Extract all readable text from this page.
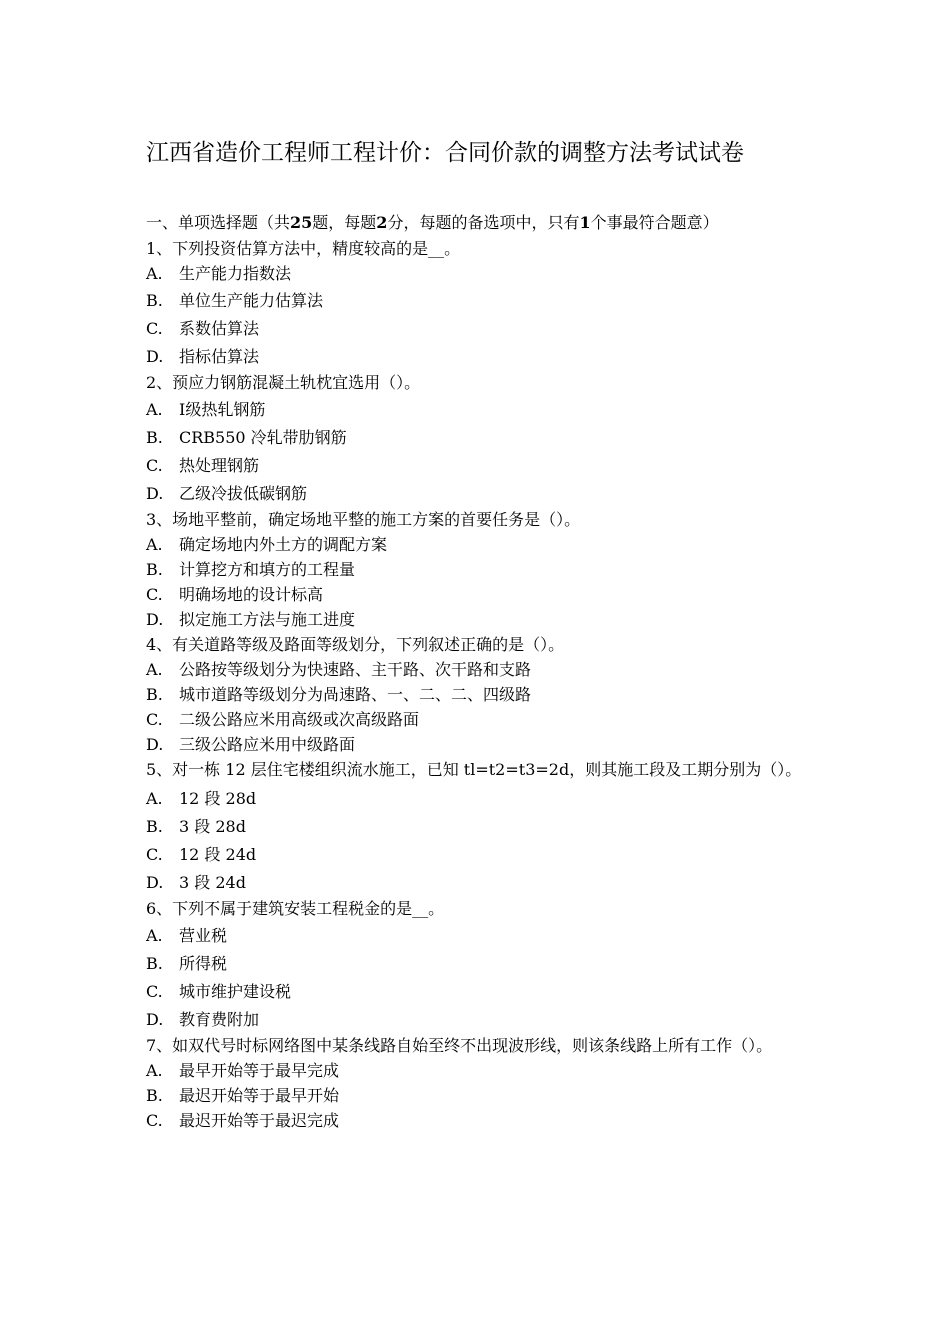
江西省造价工程师工程计价：合同价款的调整方法考试试卷
一、单项选择题（共25题，每题2分，每题的备选项中，只有1个事最符合题意）
1、下列投资估算方法中，精度较高的是__。
A.	生产能力指数法
B.	单位生产能力估算法
C.	系数估算法
D. 指标估算法
2、预应力钢筋混凝土轨枕宜选用（）。
A.	Ⅰ级热轧钢筋
B.	CRB550 冷轧带肋钢筋
C.	热处理钢筋
D. 乙级冷拔低碳钢筋
3、场地平整前，确定场地平整的施工方案的首要任务是（）。
A.	确定场地内外土方的调配方案
B.	计算挖方和填方的工程量
C.	明确场地的设计标高
D. 拟定施工方法与施工进度
4、有关道路等级及路面等级划分，下列叙述正确的是（）。
A.	公路按等级划分为快速路、主干路、次干路和支路
B.	城市道路等级划分为咼速路、一、二、二、四级路
C.	二级公路应米用高级或次高级路面
D. 三级公路应米用中级路面
5、对一栋 12 层住宅楼组织流水施工，已知 tl=t2=t3=2d，则其施工段及工期分别为（）。
A.	12 段 28d
B.	3 段 28d
C.	12 段 24d
D. 3 段 24d
6、下列不属于建筑安装工程税金的是__。
A.	营业税
B.	所得税
C.	城市维护建设税
D. 教育费附加
7、如双代号时标网络图中某条线路自始至终不出现波形线，则该条线路上所有工作（）。
A.	最早开始等于最早完成
B.	最迟开始等于最早开始
C.	最迟开始等于最迟完成
